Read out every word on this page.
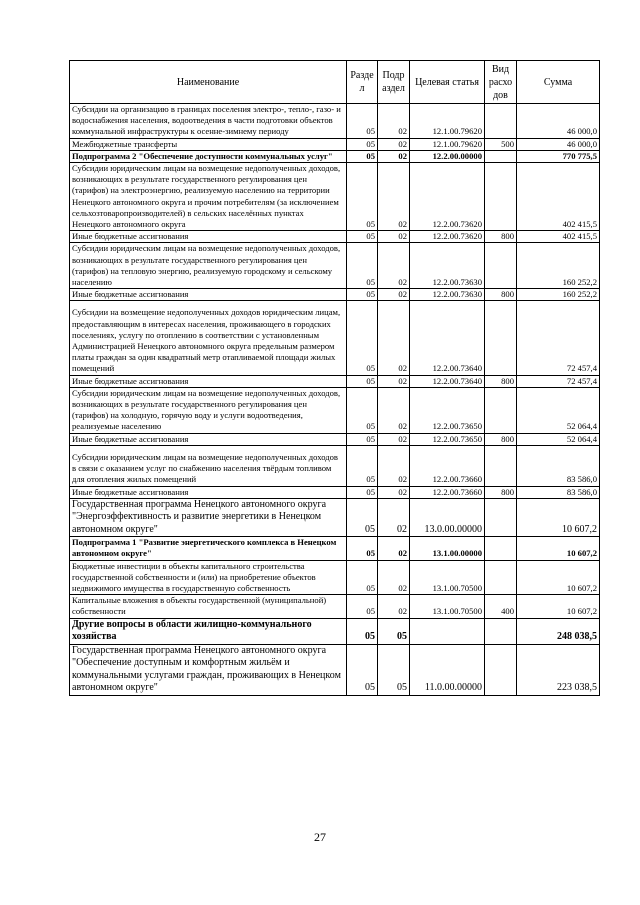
Наименование	Разде л	Подр аздел	Целевая статья	Вид расхо дов	Сумма
Субсидии на организацию в границах поселения электро-, тепло-, газо- и водоснабжения населения, водоотведения в части подготовки объектов коммунальной инфраструктуры к осенне-зимнему периоду	05	02	12.1.00.79620		46 000,0
Межбюджетные трансферты	05	02	12.1.00.79620	500	46 000,0
Подпрограмма 2 "Обеспечение доступности коммунальных услуг"	05	02	12.2.00.00000		770 775,5
Субсидии юридическим лицам на возмещение недополученных доходов, возникающих в результате государственного регулирования цен (тарифов) на электроэнергию, реализуемую населению на территории Ненецкого автономного округа и прочим потребителям (за исключением сельхозтоваропроизводителей) в сельских населённых пунктах Ненецкого автономного округа	05	02	12.2.00.73620		402 415,5
Иные бюджетные ассигнования	05	02	12.2.00.73620	800	402 415,5
Субсидии юридическим лицам на возмещение недополученных доходов, возникающих в результате государственного регулирования цен (тарифов) на тепловую энергию, реализуемую городскому и сельскому населению	05	02	12.2.00.73630		160 252,2
Иные бюджетные ассигнования	05	02	12.2.00.73630	800	160 252,2
Субсидии на возмещение недополученных доходов юридическим лицам, предоставляющим в интересах населения, проживающего в городских поселениях, услугу по отоплению в соответствии с установленным Администрацией Ненецкого автономного округа предельным размером платы граждан за один квадратный метр отапливаемой площади жилых помещений	05	02	12.2.00.73640		72 457,4
Иные бюджетные ассигнования	05	02	12.2.00.73640	800	72 457,4
Субсидии юридическим лицам на возмещение недополученных доходов, возникающих в результате государственного регулирования цен (тарифов) на холодную, горячую воду и услуги водоотведения, реализуемые населению	05	02	12.2.00.73650		52 064,4
Иные бюджетные ассигнования	05	02	12.2.00.73650	800	52 064,4
Субсидии юридическим лицам на возмещение недополученных доходов в связи с оказанием услуг по снабжению населения твёрдым топливом для отопления жилых помещений	05	02	12.2.00.73660		83 586,0
Иные бюджетные ассигнования	05	02	12.2.00.73660	800	83 586,0
Государственная программа Ненецкого автономного округа "Энергоэффективность и развитие энергетики в Ненецком автономном округе"	05	02	13.0.00.00000		10 607,2
Подпрограмма 1 "Развитие энергетического комплекса в Ненецком автономном округе"	05	02	13.1.00.00000		10 607,2
Бюджетные инвестиции в объекты капитального строительства государственной собственности и (или) на приобретение объектов недвижимого имущества в государственную собственность	05	02	13.1.00.70500		10 607,2
Капитальные вложения в объекты государственной (муниципальной) собственности	05	02	13.1.00.70500	400	10 607,2
Другие вопросы в области жилищно-коммунального хозяйства	05	05			248 038,5
Государственная программа Ненецкого автономного округа "Обеспечение доступным и комфортным жильём и коммунальными услугами граждан, проживающих в Ненецком автономном округе"	05	05	11.0.00.00000		223 038,5
27
